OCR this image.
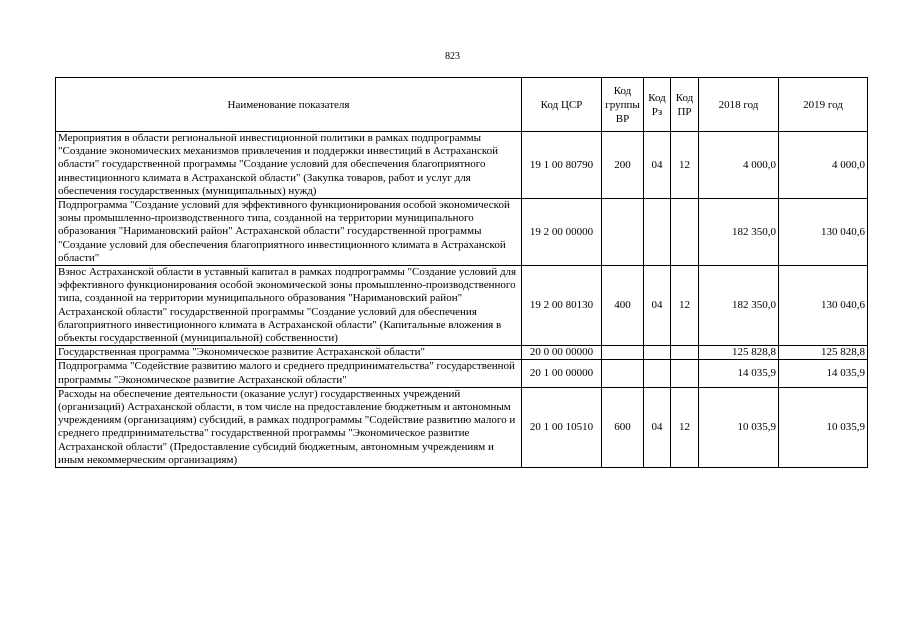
823
Наименование показателя	Код ЦСР	Код группы ВР	Код Рз	Код ПР	2018 год	2019 год
Мероприятия в области региональной инвестиционной политики в рамках подпрограммы "Создание экономических механизмов привлечения и поддержки инвестиций в Астраханской области" государственной программы "Создание условий для обеспечения благоприятного инвестиционного климата в Астраханской области" (Закупка товаров, работ и услуг для обеспечения государственных (муниципальных) нужд)	19 1 00 80790	200	04	12	4 000,0	4 000,0
Подпрограмма "Создание условий для эффективного функционирования особой экономической зоны промышленно-производственного типа, созданной на территории муниципального образования "Наримановский район" Астраханской области" государственной программы "Создание условий для обеспечения благоприятного инвестиционного климата в Астраханской области"	19 2 00 00000				182 350,0	130 040,6
Взнос Астраханской области в уставный капитал в рамках подпрограммы "Создание условий для эффективного функционирования особой экономической зоны промышленно-производственного типа, созданной на территории муниципального образования "Наримановский район" Астраханской области" государственной программы "Создание условий для обеспечения благоприятного инвестиционного климата в Астраханской области" (Капитальные вложения в объекты государственной (муниципальной) собственности)	19 2 00 80130	400	04	12	182 350,0	130 040,6
Государственная программа "Экономическое развитие Астраханской области"	20 0 00 00000				125 828,8	125 828,8
Подпрограмма "Содействие развитию малого и среднего предпринимательства" государственной программы "Экономическое развитие Астраханской области"	20 1 00 00000				14 035,9	14 035,9
Расходы на обеспечение деятельности (оказание услуг) государственных учреждений (организаций) Астраханской области, в том числе на предоставление бюджетным и автономным учреждениям (организациям) субсидий, в рамках подпрограммы "Содействие развитию малого и среднего предпринимательства" государственной программы "Экономическое развитие Астраханской области" (Предоставление субсидий бюджетным, автономным учреждениям и иным некоммерческим организациям)	20 1 00 10510	600	04	12	10 035,9	10 035,9
